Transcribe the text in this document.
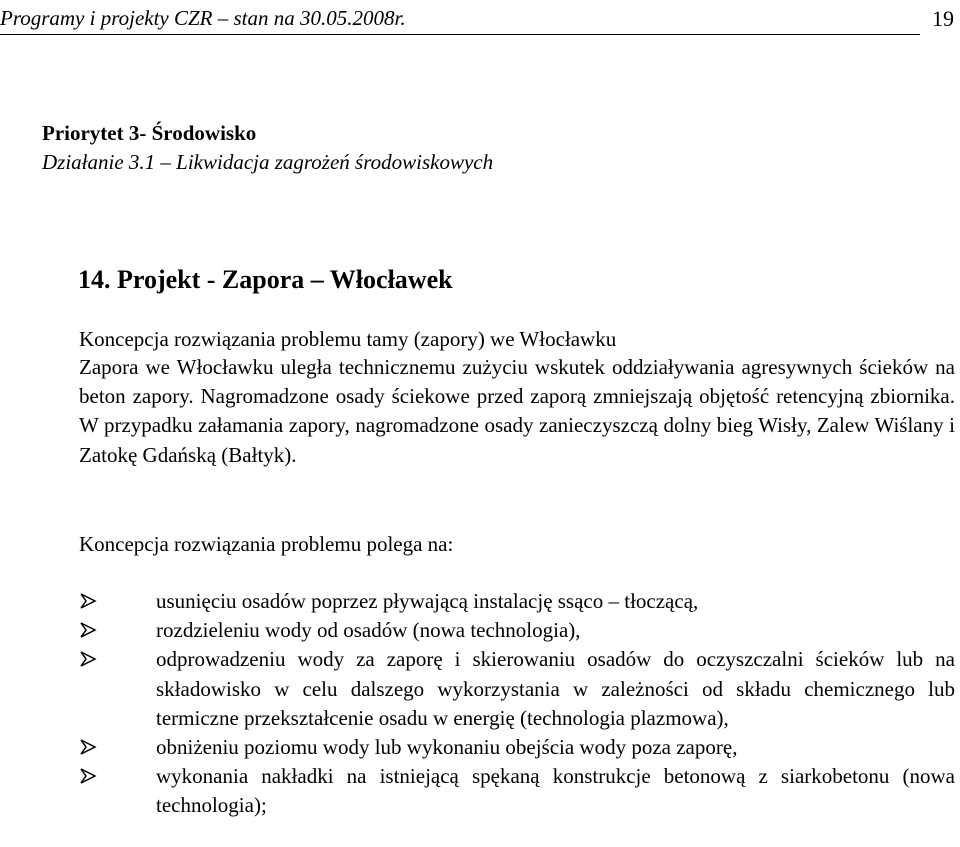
Programy i projekty CZR – stan na 30.05.2008r.	19
Priorytet 3- Środowisko
Działanie 3.1 – Likwidacja zagrożeń środowiskowych
14. Projekt - Zapora – Włocławek
Koncepcja rozwiązania problemu tamy (zapory) we Włocławku
Zapora we Włocławku uległa technicznemu zużyciu wskutek oddziaływania agresywnych ścieków na beton zapory. Nagromadzone osady ściekowe przed zaporą zmniejszają objętość retencyjną zbiornika. W przypadku załamania zapory, nagromadzone osady zanieczyszczą dolny bieg Wisły, Zalew Wiślany i Zatokę Gdańską (Bałtyk).
Koncepcja rozwiązania problemu polega na:
usunięciu osadów poprzez pływającą instalację ssąco – tłoczącą,
rozdzieleniu wody od osadów (nowa technologia),
odprowadzeniu wody za zaporę i skierowaniu osadów do oczyszczalni ścieków lub na składowisko w celu dalszego wykorzystania w zależności od składu chemicznego lub termiczne przekształcenie osadu w energię (technologia plazmowa),
obniżeniu poziomu wody lub wykonaniu obejścia wody poza zaporę,
wykonania nakładki na istniejącą spękaną konstrukcje betonową z siarkobetonu (nowa technologia);
